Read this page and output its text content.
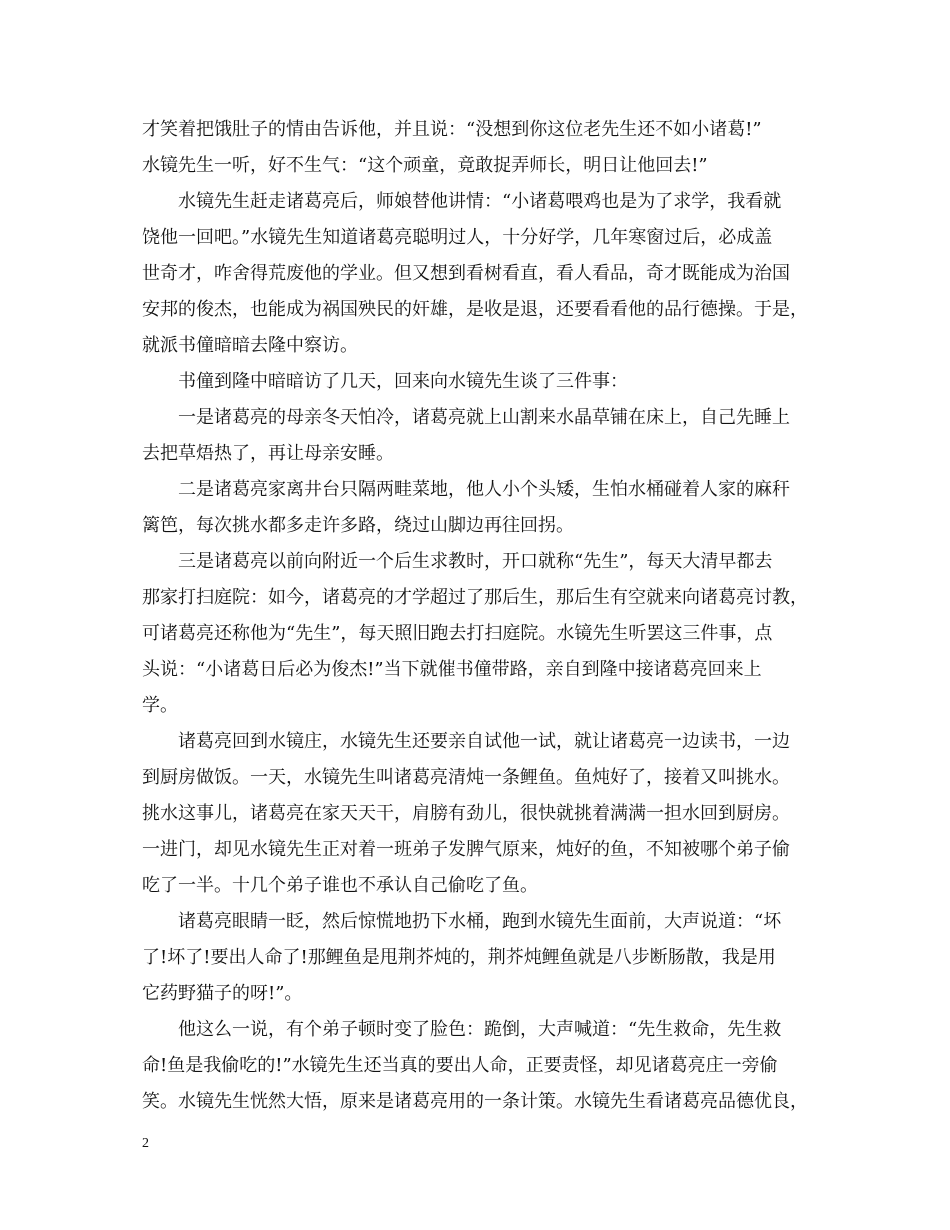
才笑着把饿肚子的情由告诉他，并且说：“没想到你这位老先生还不如小诸葛!”
水镜先生一听，好不生气：“这个顽童，竟敢捉弄师长，明日让他回去!”
水镜先生赶走诸葛亮后，师娘替他讲情：“小诸葛喂鸡也是为了求学，我看就
饶他一回吧。”水镜先生知道诸葛亮聪明过人，十分好学，几年寒窗过后，必成盖
世奇才，咋舍得荒废他的学业。但又想到看树看直，看人看品，奇才既能成为治国
安邦的俊杰，也能成为祸国殃民的奸雄，是收是退，还要看看他的品行德操。于是，
就派书僮暗暗去隆中察访。
书僮到隆中暗暗访了几天，回来向水镜先生谈了三件事：
一是诸葛亮的母亲冬天怕冷，诸葛亮就上山割来水晶草铺在床上，自己先睡上
去把草焐热了，再让母亲安睡。
二是诸葛亮家离井台只隔两畦菜地，他人小个头矮，生怕水桶碰着人家的麻秆
篱笆，每次挑水都多走许多路，绕过山脚边再往回拐。
三是诸葛亮以前向附近一个后生求教时，开口就称“先生”，每天大清早都去
那家打扫庭院：如今，诸葛亮的才学超过了那后生，那后生有空就来向诸葛亮讨教，
可诸葛亮还称他为“先生”，每天照旧跑去打扫庭院。水镜先生听罢这三件事，点
头说：“小诸葛日后必为俊杰!”当下就催书僮带路，亲自到隆中接诸葛亮回来上
学。
诸葛亮回到水镜庄，水镜先生还要亲自试他一试，就让诸葛亮一边读书，一边
到厨房做饭。一天，水镜先生叫诸葛亮清炖一条鲤鱼。鱼炖好了，接着又叫挑水。
挑水这事儿，诸葛亮在家天天干，肩膀有劲儿，很快就挑着满满一担水回到厨房。
一进门，却见水镜先生正对着一班弟子发脾气原来，炖好的鱼，不知被哪个弟子偷
吃了一半。十几个弟子谁也不承认自己偷吃了鱼。
诸葛亮眼睛一眨，然后惊慌地扔下水桶，跑到水镜先生面前，大声说道：“坏
了!坏了!要出人命了!那鲤鱼是甩荆芥炖的，荆芥炖鲤鱼就是八步断肠散，我是用
它药野猫子的呀!”。
他这么一说，有个弟子顿时变了脸色：跪倒，大声喊道：“先生救命，先生救
命!鱼是我偷吃的!”水镜先生还当真的要出人命，正要责怪，却见诸葛亮庄一旁偷
笑。水镜先生恍然大悟，原来是诸葛亮用的一条计策。水镜先生看诸葛亮品德优良，
2
